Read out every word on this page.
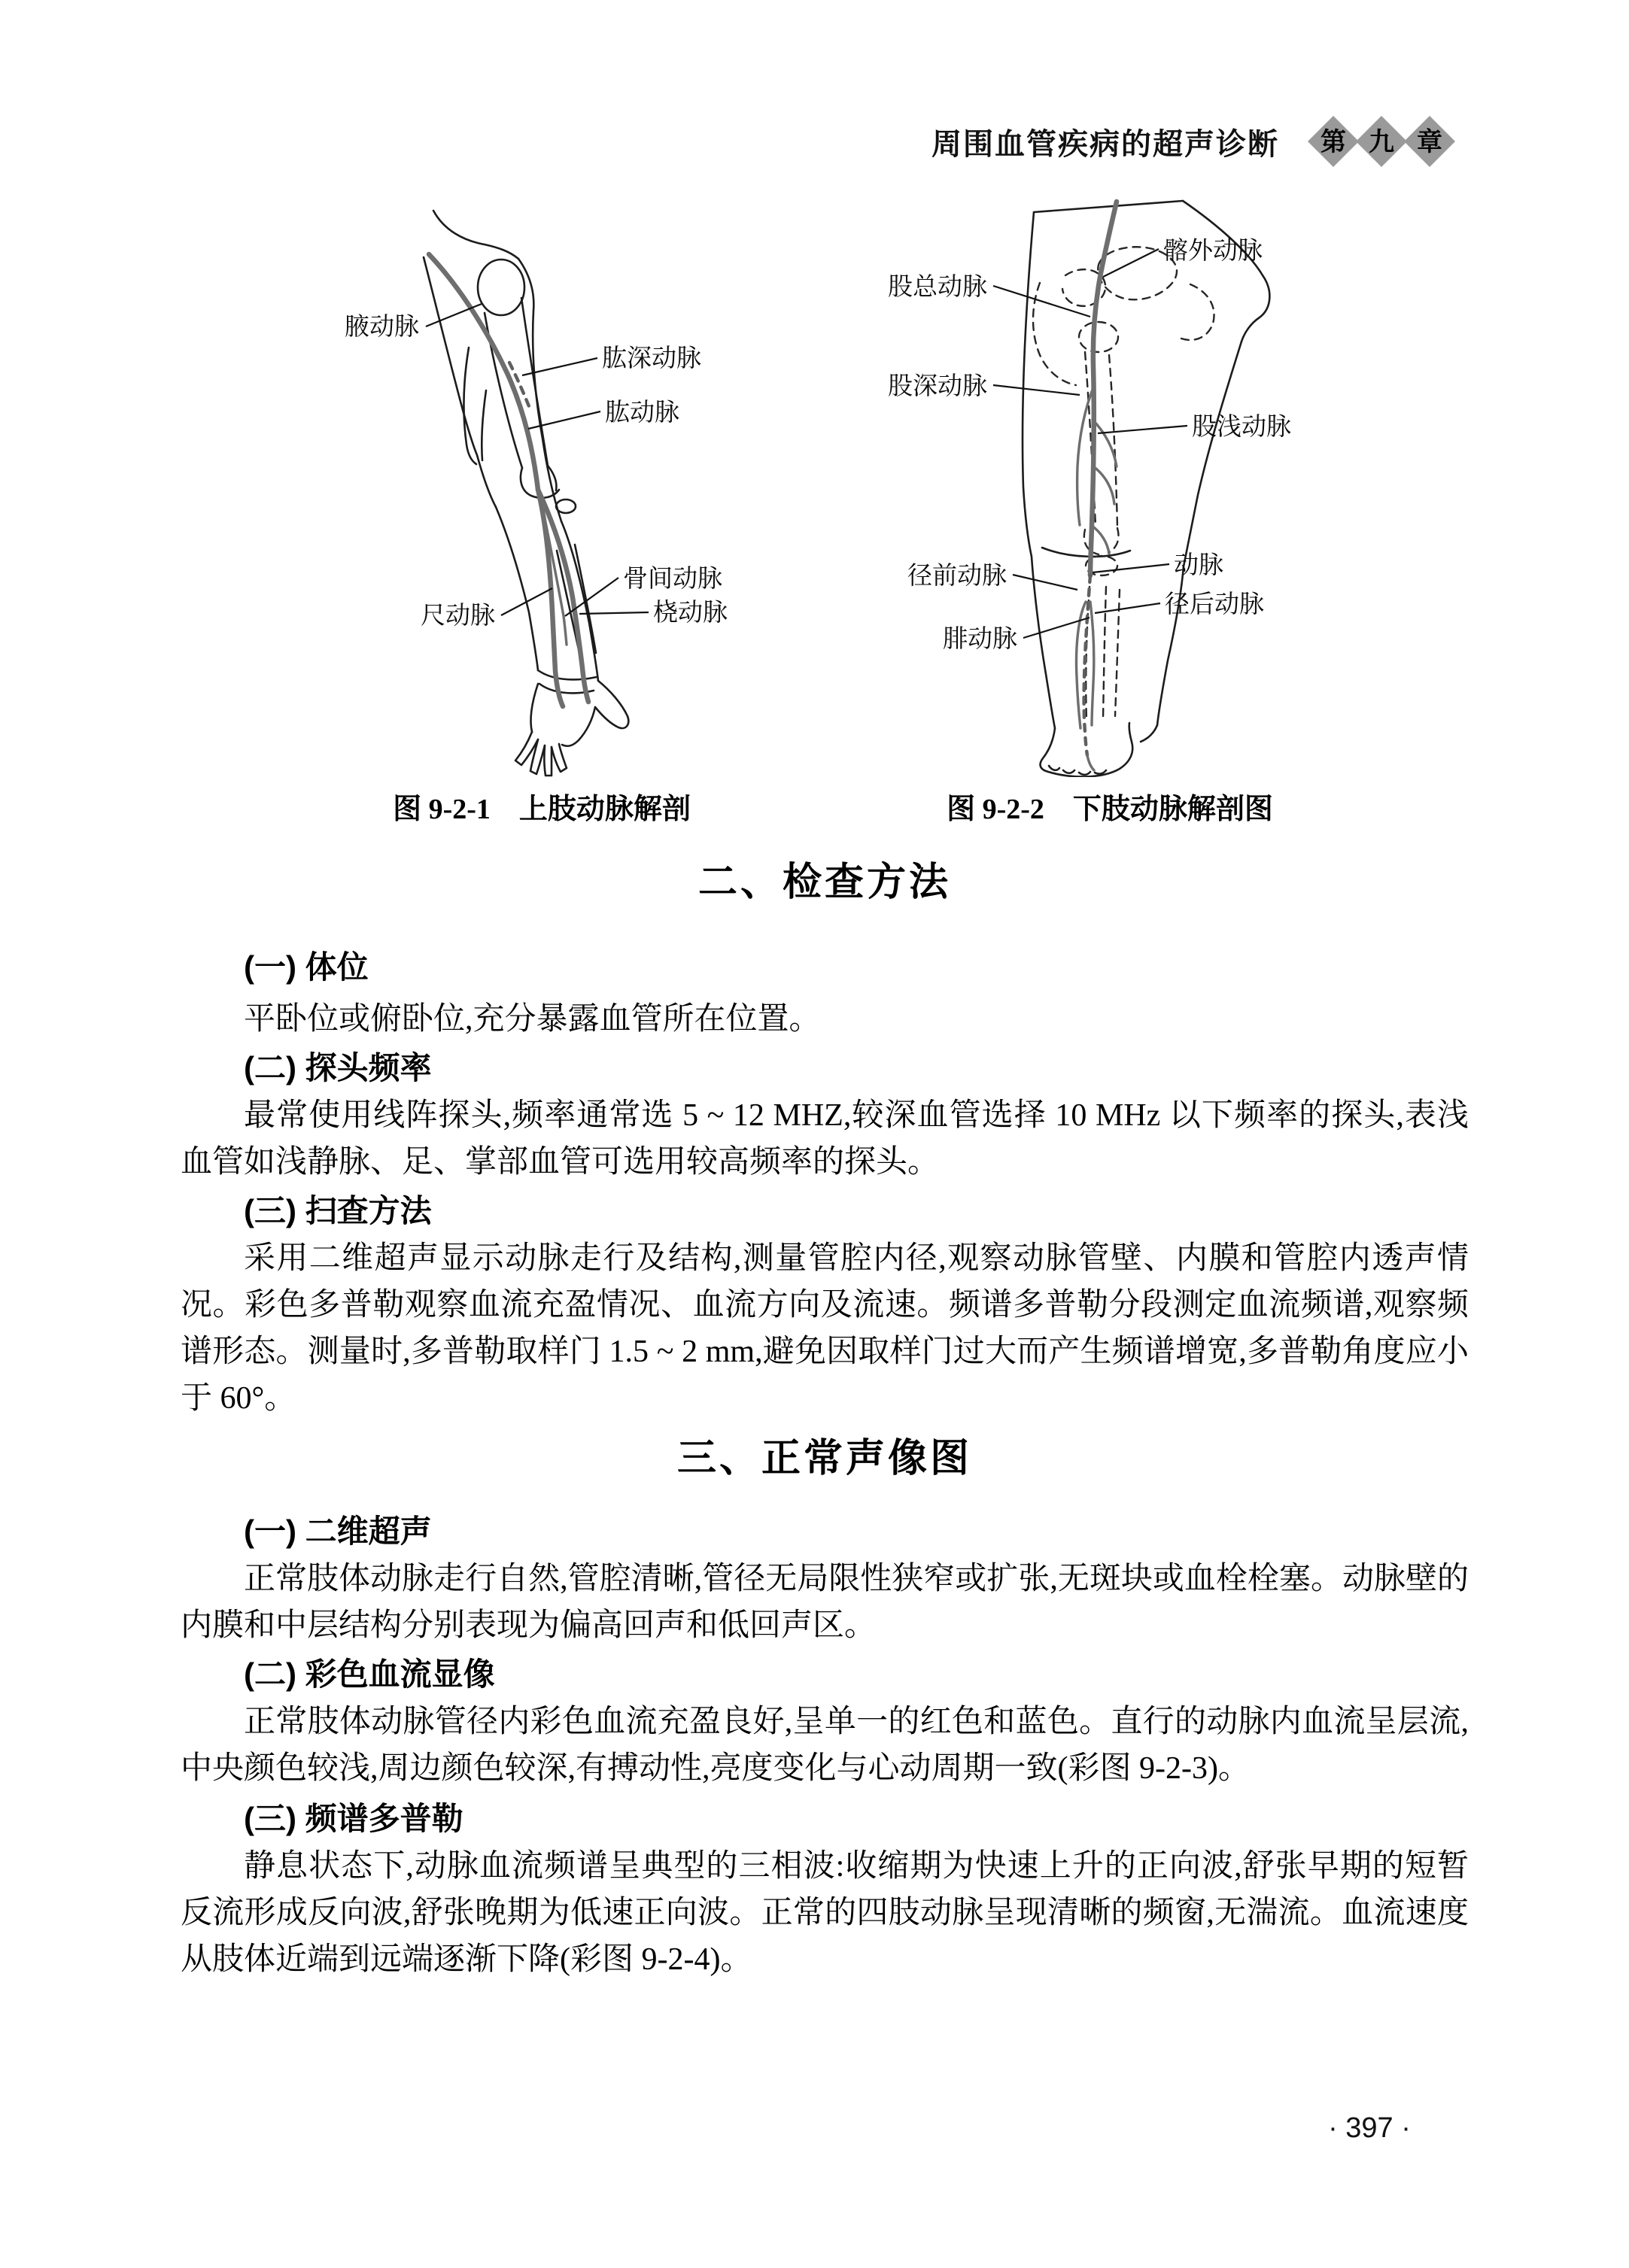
周围血管疾病的超声诊断 第 九 章
腋动脉
肱深动脉
肱动脉
骨间动脉
桡动脉
尺动脉
髂外动脉
股总动脉
股深动脉
股浅动脉
动脉
径前动脉
径后动脉
腓动脉
图 9-2-1 上肢动脉解剖	图 9-2-2 下肢动脉解剖图
二、检查方法
(一) 体位

平卧位或俯卧位,充分暴露血管所在位置。

(二) 探头频率

最常使用线阵探头,频率通常选 5 ~ 12 MHZ,较深血管选择 10 MHz 以下频率的探头,表浅血管如浅静脉、足、掌部血管可选用较高频率的探头。

(三) 扫查方法

采用二维超声显示动脉走行及结构,测量管腔内径,观察动脉管壁、内膜和管腔内透声情况。彩色多普勒观察血流充盈情况、血流方向及流速。频谱多普勒分段测定血流频谱,观察频谱形态。测量时,多普勒取样门 1.5 ~ 2 mm,避免因取样门过大而产生频谱增宽,多普勒角度应小于 60°。

三、正常声像图
(一) 二维超声

正常肢体动脉走行自然,管腔清晰,管径无局限性狭窄或扩张,无斑块或血栓栓塞。动脉壁的内膜和中层结构分别表现为偏高回声和低回声区。

(二) 彩色血流显像

正常肢体动脉管径内彩色血流充盈良好,呈单一的红色和蓝色。直行的动脉内血流呈层流,中央颜色较浅,周边颜色较深,有搏动性,亮度变化与心动周期一致(彩图 9-2-3)。

(三) 频谱多普勒

静息状态下,动脉血流频谱呈典型的三相波:收缩期为快速上升的正向波,舒张早期的短暂反流形成反向波,舒张晚期为低速正向波。正常的四肢动脉呈现清晰的频窗,无湍流。血流速度从肢体近端到远端逐渐下降(彩图 9-2-4)。

· 397 ·
